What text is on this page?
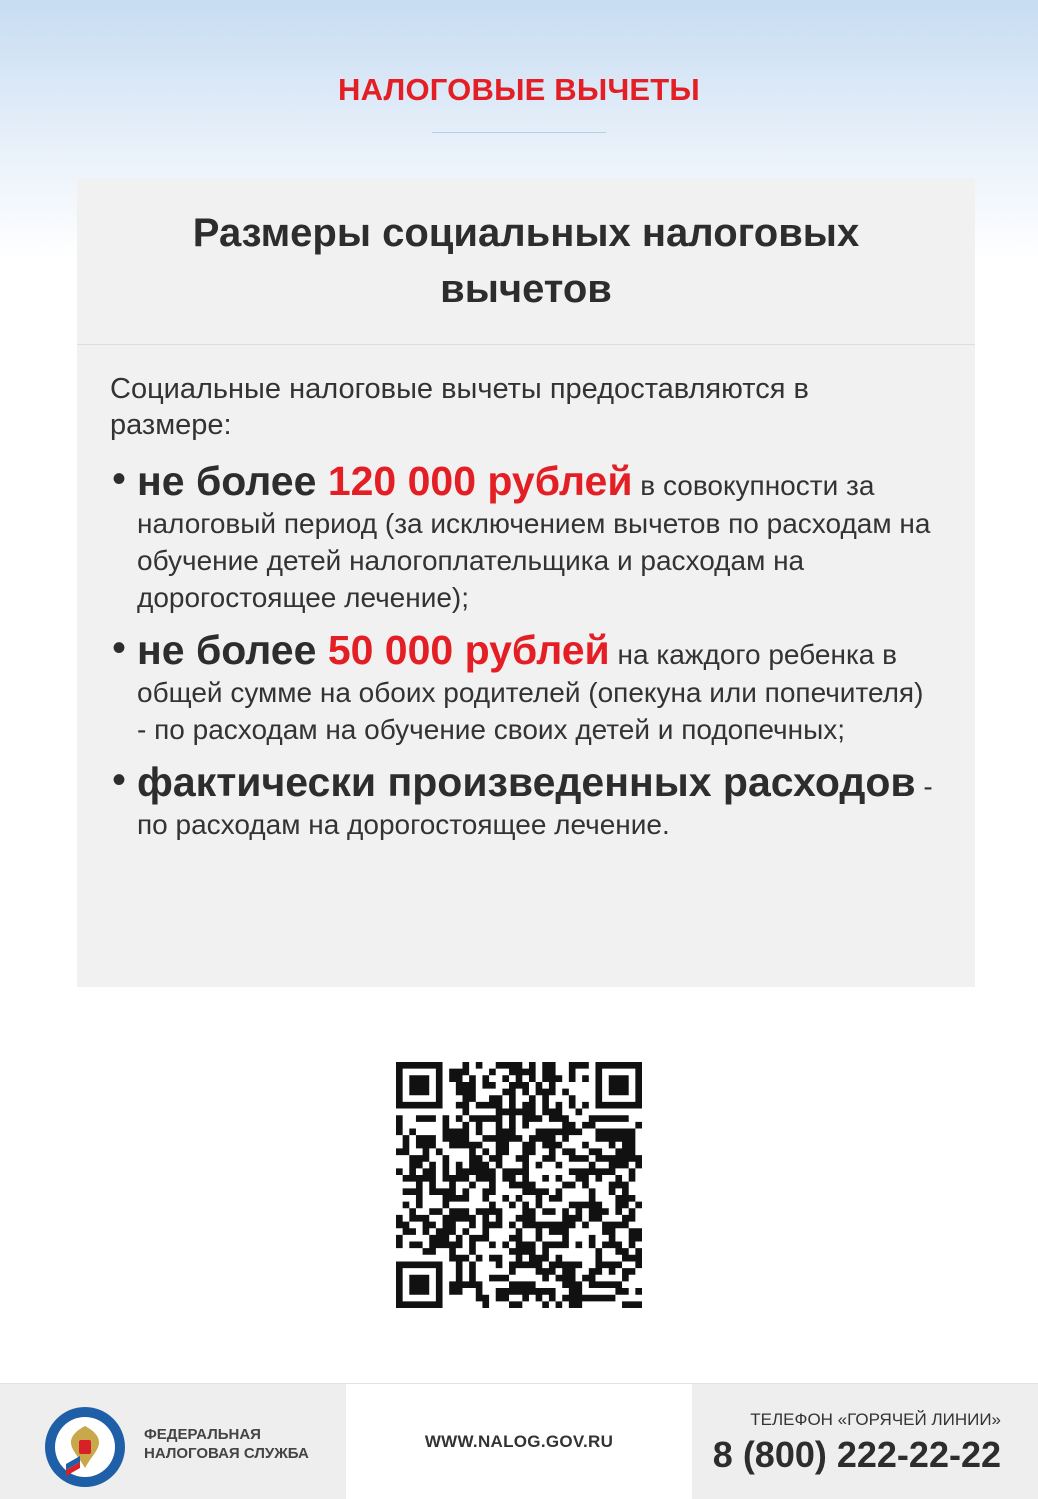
НАЛОГОВЫЕ ВЫЧЕТЫ
Размеры социальных налоговых вычетов

Социальные налоговые вычеты предоставляются в размере:

• не более 120 000 рублей в совокупности за налоговый период (за исключением вычетов по расходам на обучение детей налогоплательщика и расходам на дорогостоящее лечение);
• не более 50 000 рублей на каждого ребенка в общей сумме на обоих родителей (опекуна или попечителя) - по расходам на обучение своих детей и подопечных;
• фактически произведенных расходов - по расходам на дорогостоящее лечение.
ФЕДЕРАЛЬНАЯ
НАЛОГОВАЯ СЛУЖБА
WWW.NALOG.GOV.RU
ТЕЛЕФОН «ГОРЯЧЕЙ ЛИНИИ»
8 (800) 222-22-22
